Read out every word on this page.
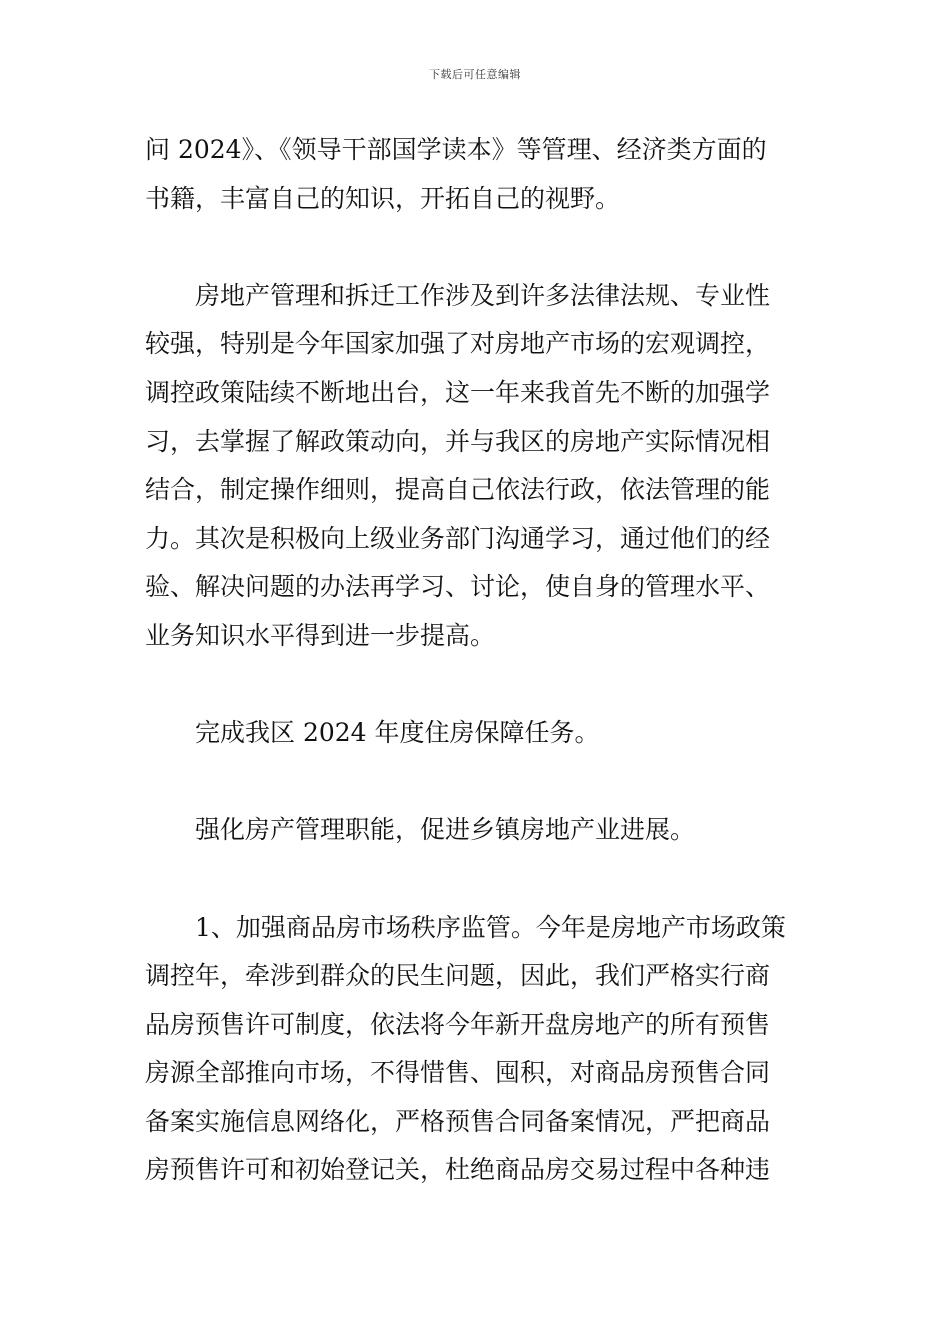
下载后可任意编辑

问 2024》、《领导干部国学读本》等管理、经济类方面的
书籍，丰富自己的知识，开拓自己的视野。

房地产管理和拆迁工作涉及到许多法律法规、专业性
较强，特别是今年国家加强了对房地产市场的宏观调控，
调控政策陆续不断地出台，这一年来我首先不断的加强学
习，去掌握了解政策动向，并与我区的房地产实际情况相
结合，制定操作细则，提高自己依法行政，依法管理的能
力。其次是积极向上级业务部门沟通学习，通过他们的经
验、解决问题的办法再学习、讨论，使自身的管理水平、
业务知识水平得到进一步提高。

完成我区 2024 年度住房保障任务。

强化房产管理职能，促进乡镇房地产业进展。

1、加强商品房市场秩序监管。今年是房地产市场政策
调控年，牵涉到群众的民生问题，因此，我们严格实行商
品房预售许可制度，依法将今年新开盘房地产的所有预售
房源全部推向市场，不得惜售、囤积，对商品房预售合同
备案实施信息网络化，严格预售合同备案情况，严把商品
房预售许可和初始登记关，杜绝商品房交易过程中各种违
